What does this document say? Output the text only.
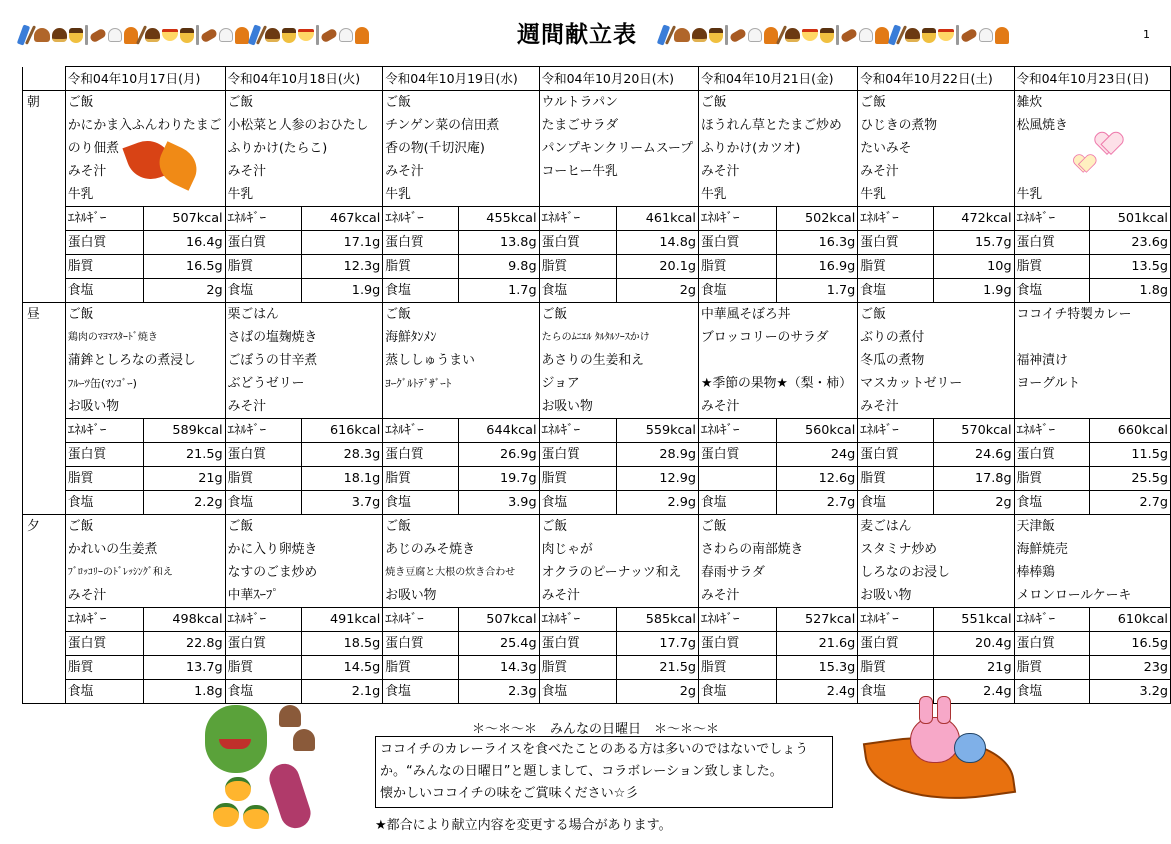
週間献立表	1
	令和04年10月17日(月)		令和04年10月18日(火)		令和04年10月19日(水)		令和04年10月20日(木)		令和04年10月21日(金)		令和04年10月22日(土)		令和04年10月23日(日)	
朝	ご飯		ご飯		ご飯		ウルトラパン		ご飯		ご飯		雑炊	
	かにかま入ふんわりたまご		小松菜と人参のおひたし		チンゲン菜の信田煮		たまごサラダ		ほうれん草とたまご炒め		ひじきの煮物		松風焼き	
	のり佃煮		ふりかけ(たらこ)		香の物(千切沢庵)		パンプキンクリームスープ		ふりかけ(カツオ)		たいみそ			
	みそ汁		みそ汁		みそ汁		コーヒー牛乳		みそ汁		みそ汁			
	牛乳		牛乳		牛乳				牛乳		牛乳		牛乳	
	ｴﾈﾙｷﾞｰ	507kcal	ｴﾈﾙｷﾞｰ	467kcal	ｴﾈﾙｷﾞｰ	455kcal	ｴﾈﾙｷﾞｰ	461kcal	ｴﾈﾙｷﾞｰ	502kcal	ｴﾈﾙｷﾞｰ	472kcal	ｴﾈﾙｷﾞｰ	501kcal
	蛋白質	16.4g	蛋白質	17.1g	蛋白質	13.8g	蛋白質	14.8g	蛋白質	16.3g	蛋白質	15.7g	蛋白質	23.6g
	脂質	16.5g	脂質	12.3g	脂質	9.8g	脂質	20.1g	脂質	16.9g	脂質	10g	脂質	13.5g
	食塩	2g	食塩	1.9g	食塩	1.7g	食塩	2g	食塩	1.7g	食塩	1.9g	食塩	1.8g
昼	ご飯		栗ごはん		ご飯		ご飯		中華風そぼろ丼		ご飯		ココイチ特製カレー	
	鶏肉のﾏﾖﾏｽﾀｰﾄﾞ焼き		さばの塩麹焼き		海鮮ﾀﾝﾒﾝ		たらのﾑﾆｴﾙ ﾀﾙﾀﾙｿｰｽかけ		ブロッコリーのサラダ		ぶりの煮付			
	蒲鉾としろなの煮浸し		ごぼうの甘辛煮		蒸ししゅうまい		あさりの生姜和え				冬瓜の煮物		福神漬け	
	ﾌﾙｰﾂ缶(ﾏﾝｺﾞｰ)		ぶどうゼリー		ﾖｰｸﾞﾙﾄﾃﾞｻﾞｰﾄ		ジョア		★季節の果物★（梨・柿）		マスカットゼリー		ヨーグルト	
	お吸い物		みそ汁				お吸い物		みそ汁		みそ汁			
	ｴﾈﾙｷﾞｰ	589kcal	ｴﾈﾙｷﾞｰ	616kcal	ｴﾈﾙｷﾞｰ	644kcal	ｴﾈﾙｷﾞｰ	559kcal	ｴﾈﾙｷﾞｰ	560kcal	ｴﾈﾙｷﾞｰ	570kcal	ｴﾈﾙｷﾞｰ	660kcal
	蛋白質	21.5g	蛋白質	28.3g	蛋白質	26.9g	蛋白質	28.9g	蛋白質	24g	蛋白質	24.6g	蛋白質	11.5g
	脂質	21g	脂質	18.1g	脂質	19.7g	脂質	12.9g		12.6g	脂質	17.8g	脂質	25.5g
	食塩	2.2g	食塩	3.7g	食塩	3.9g	食塩	2.9g	食塩	2.7g	食塩	2g	食塩	2.7g
夕	ご飯		ご飯		ご飯		ご飯		ご飯		麦ごはん		天津飯	
	かれいの生姜煮		かに入り卵焼き		あじのみそ焼き		肉じゃが		さわらの南部焼き		スタミナ炒め		海鮮焼売	
	ﾌﾞﾛｯｺﾘｰのﾄﾞﾚｯｼﾝｸﾞ和え		なすのごま炒め		焼き豆腐と大根の炊き合わせ		オクラのピーナッツ和え		春雨サラダ		しろなのお浸し		棒棒鶏	
	みそ汁		中華ｽｰﾌﾟ		お吸い物		みそ汁		みそ汁		お吸い物		メロンロールケーキ	
	ｴﾈﾙｷﾞｰ	498kcal	ｴﾈﾙｷﾞｰ	491kcal	ｴﾈﾙｷﾞｰ	507kcal	ｴﾈﾙｷﾞｰ	585kcal	ｴﾈﾙｷﾞｰ	527kcal	ｴﾈﾙｷﾞｰ	551kcal	ｴﾈﾙｷﾞｰ	610kcal
	蛋白質	22.8g	蛋白質	18.5g	蛋白質	25.4g	蛋白質	17.7g	蛋白質	21.6g	蛋白質	20.4g	蛋白質	16.5g
	脂質	13.7g	脂質	14.5g	脂質	14.3g	脂質	21.5g	脂質	15.3g	脂質	21g	脂質	23g
	食塩	1.8g	食塩	2.1g	食塩	2.3g	食塩	2g	食塩	2.4g	食塩	2.4g	食塩	3.2g
＊～＊～＊　みんなの日曜日　＊～＊～＊
ココイチのカレーライスを食べたことのある方は多いのではないでしょう
か。“みんなの日曜日”と題しまして、コラボレーション致しました。
懐かしいココイチの味をご賞味ください☆彡
★都合により献立内容を変更する場合があります。
